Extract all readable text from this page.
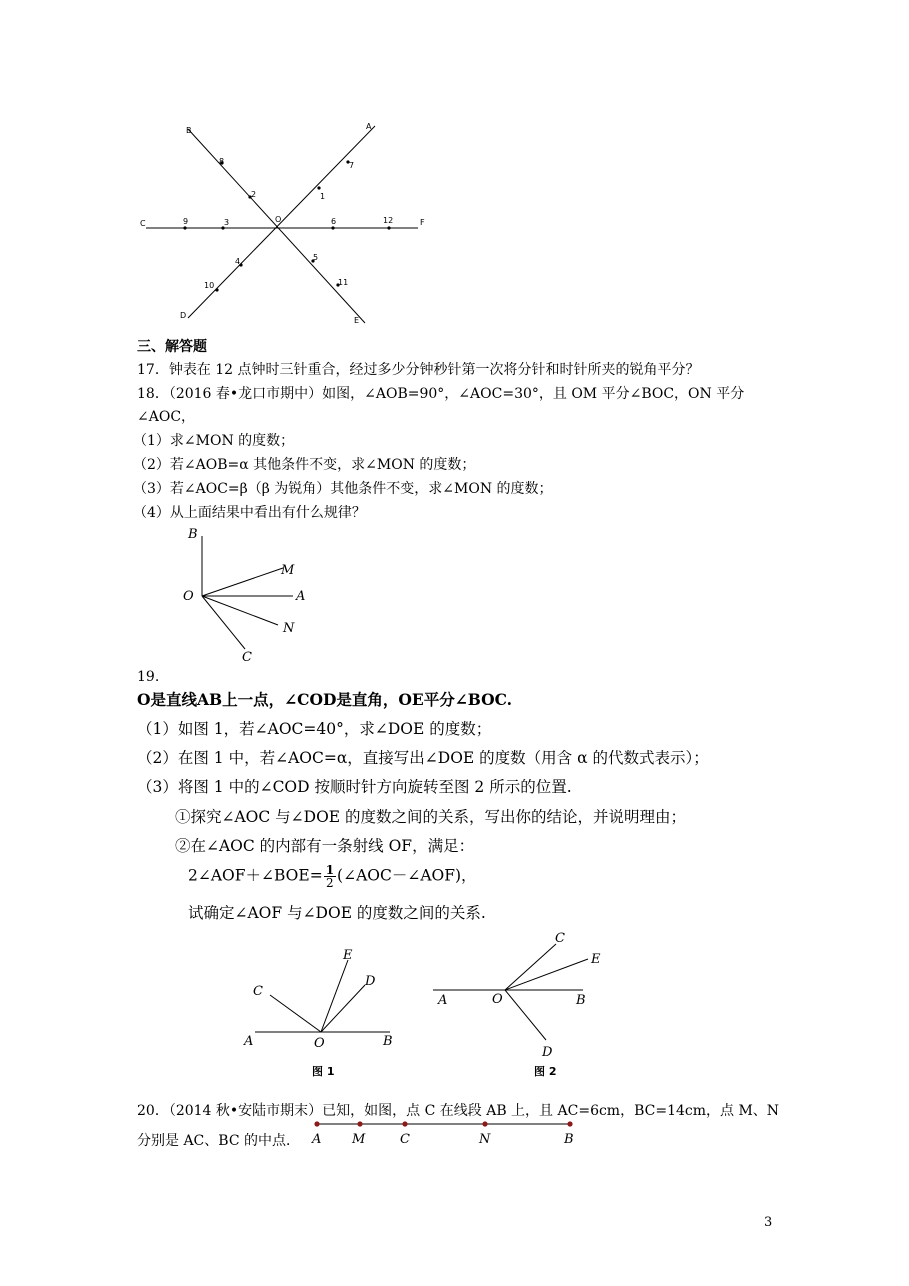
B	A
C	F
O
D
E
1
2
3
4	5
6
7
8
9
10	11
12
三、解答题
17．钟表在 12 点钟时三针重合，经过多少分钟秒针第一次将分针和时针所夹的锐角平分？
18．（2016 春•龙口市期中）如图，∠AOB=90°，∠AOC=30°，且 OM 平分∠BOC，ON 平分
∠AOC，
（1）求∠MON 的度数；
（2）若∠AOB=α 其他条件不变，求∠MON 的度数；
（3）若∠AOC=β（β 为锐角）其他条件不变，求∠MON 的度数；
（4）从上面结果中看出有什么规律？
B
M
O	A
N
C
19.
O是直线AB上一点，∠COD是直角，OE平分∠BOC.
（1）如图 1，若∠AOC=40°，求∠DOE 的度数；
（2）在图 1 中，若∠AOC=α，直接写出∠DOE 的度数（用含 α 的代数式表示）；
（3）将图 1 中的∠COD 按顺时针方向旋转至图 2 所示的位置.
①探究∠AOC 与∠DOE 的度数之间的关系，写出你的结论，并说明理由；
②在∠AOC 的内部有一条射线 OF，满足：
2∠AOF＋∠BOE= $\frac{1}{2}$ (∠AOC－∠AOF)，
试确定∠AOF 与∠DOE 的度数之间的关系.
C
E
D
A	O	B
图 1
C
E
A	O	B
D
图 2
20．（2014 秋•安陆市期末）已知，如图，点 C 在线段 AB 上，且 AC=6cm，BC=14cm，点 M、N
分别是 AC、BC 的中点． A M	C	N	B
3
